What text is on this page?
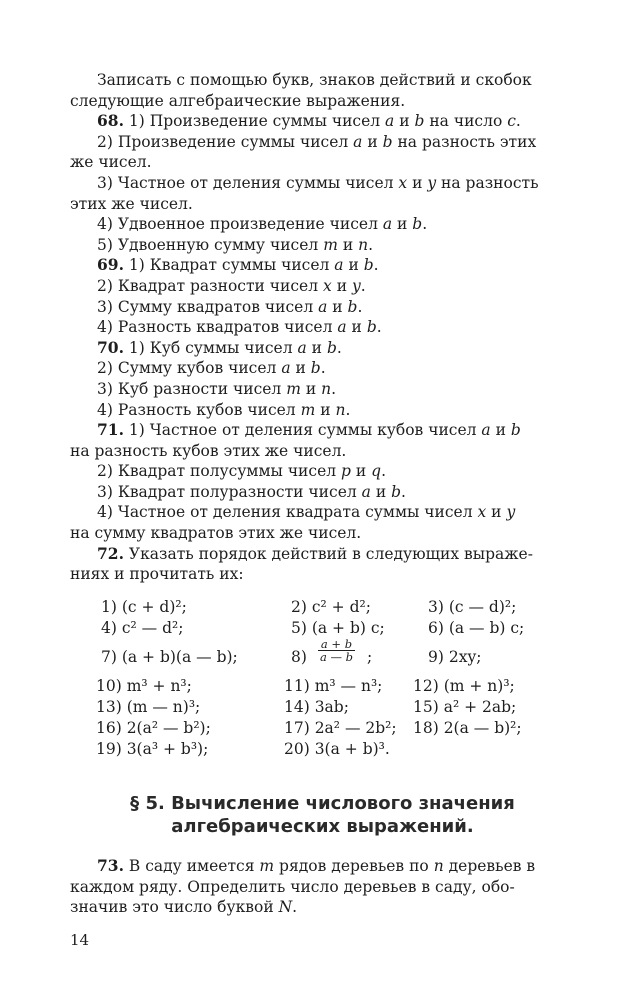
Записать с помощью букв, знаков действий и скобок

следующие алгебраические выражения.

68. 1) Произведение суммы чисел a и b на число c.

2) Произведение суммы чисел a и b на разность этих

же чисел.

3) Частное от деления суммы чисел x и y на разность

этих же чисел.

4) Удвоенное произведение чисел a и b.

5) Удвоенную сумму чисел m и n.

69. 1) Квадрат суммы чисел a и b.

2) Квадрат разности чисел x и y.

3) Сумму квадратов чисел a и b.

4) Разность квадратов чисел a и b.

70. 1) Куб суммы чисел a и b.

2) Сумму кубов чисел a и b.

3) Куб разности чисел m и n.

4) Разность кубов чисел m и n.

71. 1) Частное от деления суммы кубов чисел a и b

на разность кубов этих же чисел.

2) Квадрат полусуммы чисел p и q.

3) Квадрат полуразности чисел a и b.

4) Частное от деления квадрата суммы чисел x и y

на сумму квадратов этих же чисел.

72. Указать порядок действий в следующих выраже-

ниях и прочитать их:

1) (c + d)²;	2) c² + d²;	3) (c — d)²;
4) c² — d²;	5) (a + b) c;	6) (a — b) c;
7) (a + b)(a — b);	$8) \frac{a + b}{a — b}$ ;	9) 2xy;
10) m³ + n³;	11) m³ — n³; 12) (m + n)³;
13) (m — n)³;	14) 3ab;	15) a² + 2ab;
16) 2(a² — b²);	17) 2a² — 2b²; 18) 2(a — b)²;
19) 3(a³ + b³);	20) 3(a + b)³.
§ 5. Вычисление числового значения
алгебраических выражений.

73. В саду имеется m рядов деревьев по n деревьев в

каждом ряду. Определить число деревьев в саду, обо-

значив это число буквой N.

14
